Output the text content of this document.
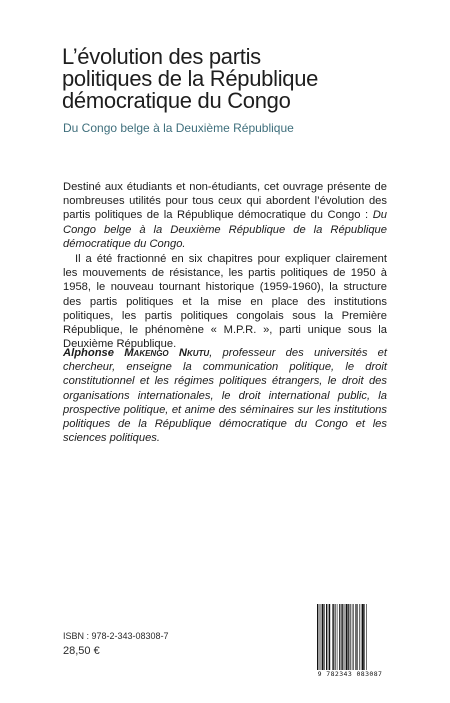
L’évolution des partis
politiques de la République
démocratique du Congo
Du Congo belge à la Deuxième République

Destiné aux étudiants et non-étudiants, cet ouvrage présente de nombreuses utilités pour tous ceux qui abordent l’évolution des partis politiques de la République démocratique du Congo : Du Congo belge à la Deuxième République de la République démocratique du Congo.

Il a été fractionné en six chapitres pour expliquer clairement les mouvements de résistance, les partis politiques de 1950 à 1958, le nouveau tournant historique (1959-1960), la structure des partis politiques et la mise en place des institutions politiques, les partis politiques congolais sous la Première République, le phénomène « M.P.R. », parti unique sous la Deuxième République.

Alphonse Makengo Nkutu, professeur des universités et chercheur, enseigne la communication politique, le droit constitutionnel et les régimes politiques étrangers, le droit des organisations internationales, le droit international public, la prospective politique, et anime des séminaires sur les institutions politiques de la République démocratique du Congo et les sciences politiques.
ISBN : 978-2-343-08308-7
28,50 €
9 782343 083087
